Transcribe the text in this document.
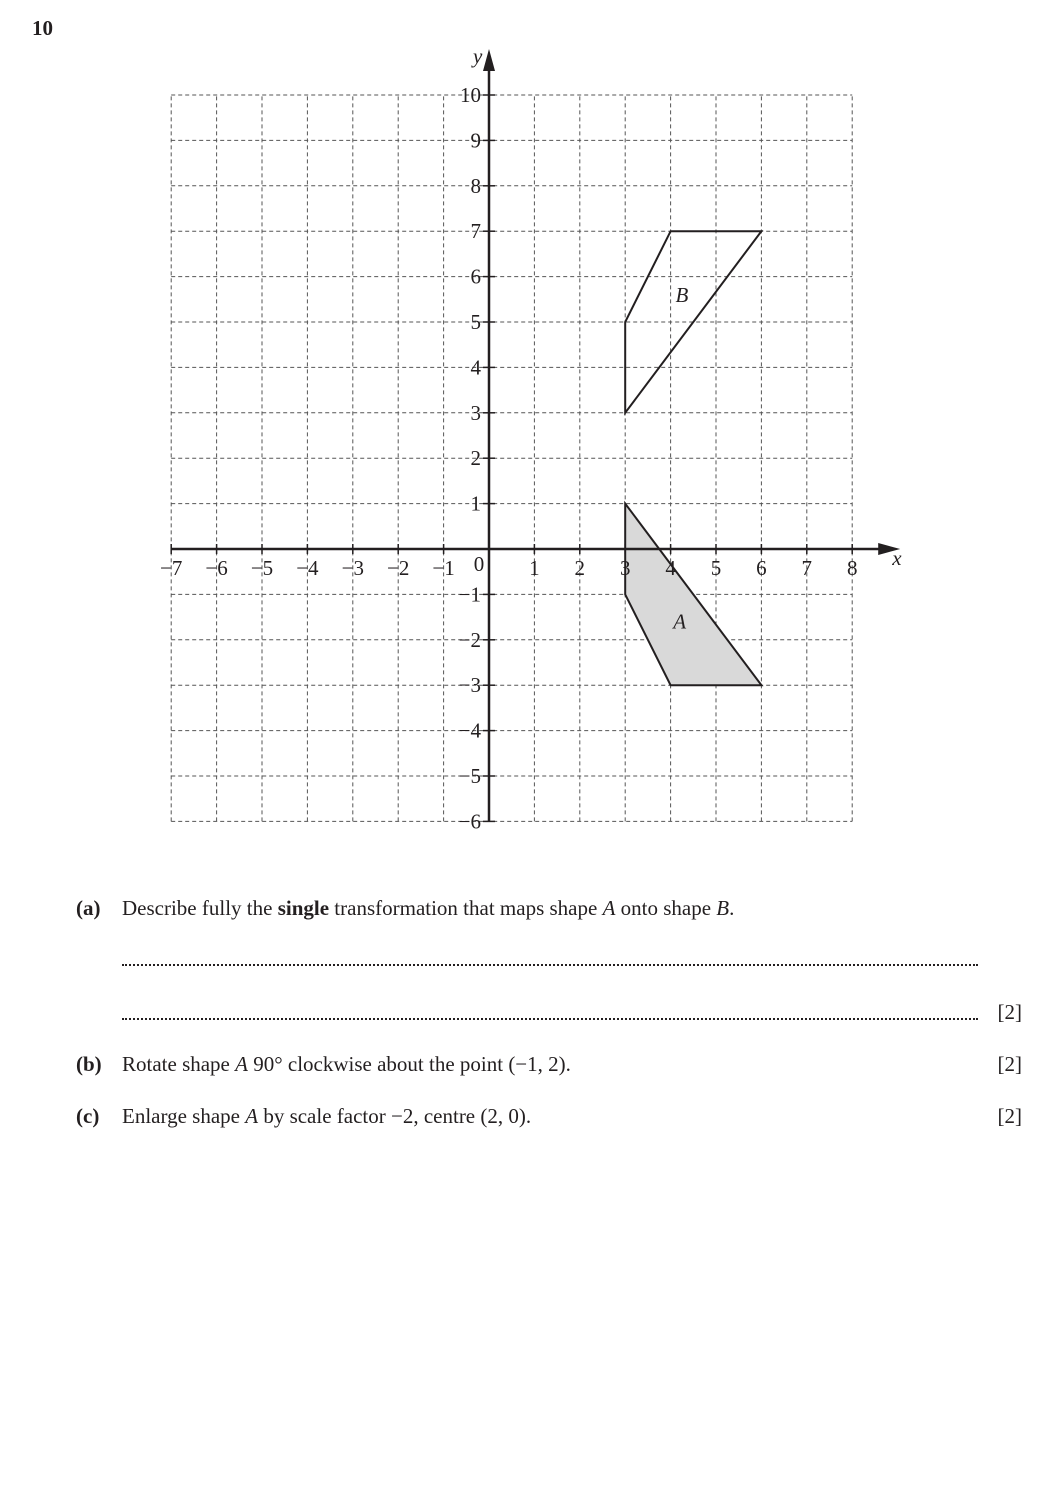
10
A
B
x
y
−7 −6 −5 −4 −3 −2 −1	1 2 3 4 5 6 7 8
10
9
8
7
6
5
4
3
2
1
−1
−2
−3
−4
−5
−6
0
(a) Describe fully the single transformation that maps shape A onto shape B.
[2]
(b) Rotate shape A 90° clockwise about the point (−1, 2).	[2]
(c) Enlarge shape A by scale factor −2, centre (2, 0).	[2]
